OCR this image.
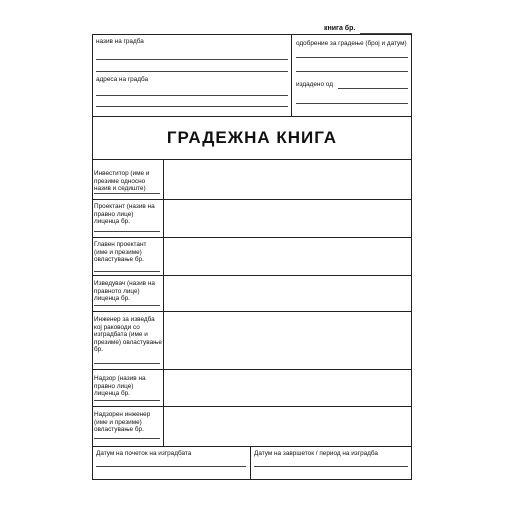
книга бр.
назив на градба
адреса на градба
одобрение за градење (број и датум)
издадено од
ГРАДЕЖНА КНИГА
Инвеститор (име и презиме односно назив и седиште)
Проектант (назив на правно лице) лиценца бр.
Главен проектант (име и презиме) овластување бр.
Изведувач (назив на правното лице) лиценца бр.
Инженер за изведба кој раководи со изградбата (име и презиме) овластување бр.
Надзор (назив на правно лице) лиценца бр.
Надзорен инженер (име и презиме) овластување бр.
Датум на почеток на изградбата	Датум на завршеток / период на изградба
